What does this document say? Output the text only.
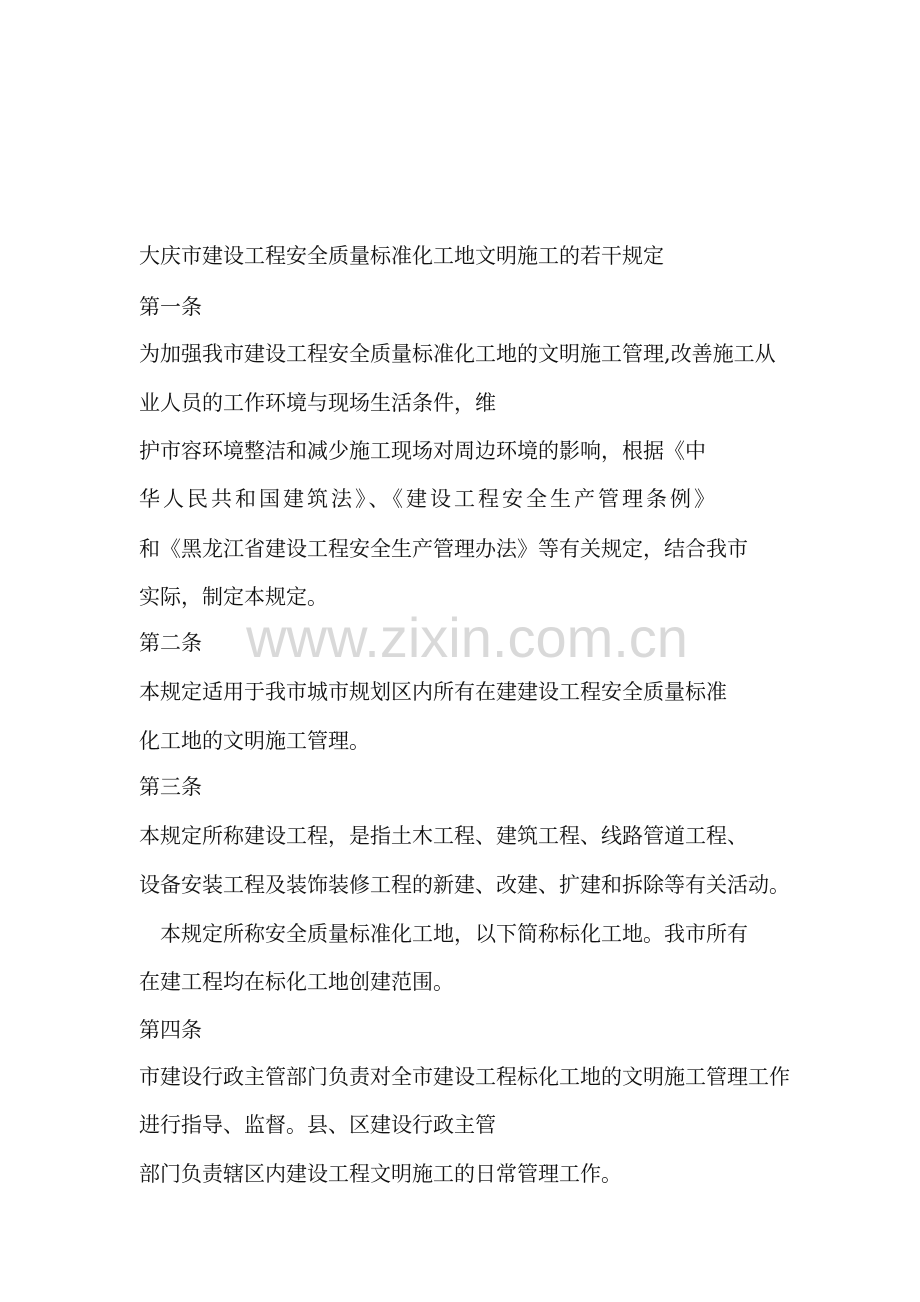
大庆市建设工程安全质量标准化工地文明施工的若干规定
第一条
为加强我市建设工程安全质量标准化工地的文明施工管理,改善施工从
业人员的工作环境与现场生活条件，维
护市容环境整洁和减少施工现场对周边环境的影响，根据《中
华人民共和国建筑法》、《建设工程安全生产管理条例》
和《黑龙江省建设工程安全生产管理办法》等有关规定，结合我市
实际，制定本规定。
第二条
本规定适用于我市城市规划区内所有在建建设工程安全质量标准
化工地的文明施工管理。
第三条
本规定所称建设工程，是指土木工程、建筑工程、线路管道工程、
设备安装工程及装饰装修工程的新建、改建、扩建和拆除等有关活动。
　本规定所称安全质量标准化工地，以下简称标化工地。我市所有
在建工程均在标化工地创建范围。
第四条
市建设行政主管部门负责对全市建设工程标化工地的文明施工管理工作
进行指导、监督。县、区建设行政主管
部门负责辖区内建设工程文明施工的日常管理工作。
www.zixin.com.cn
